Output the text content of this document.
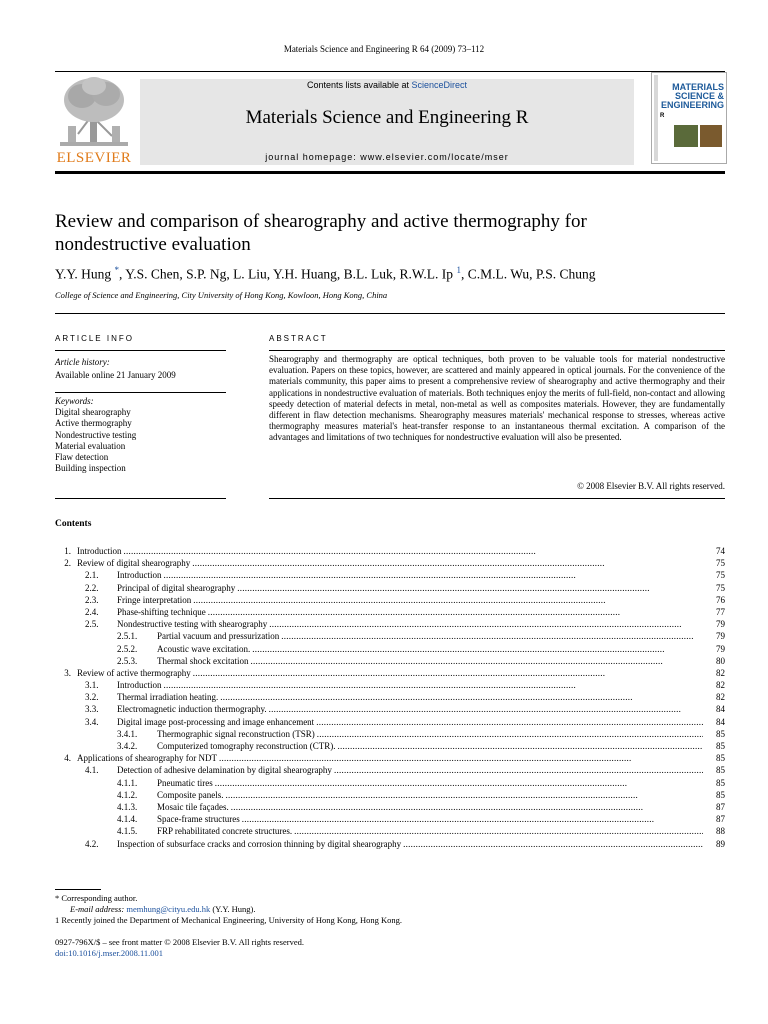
Materials Science and Engineering R 64 (2009) 73–112
Contents lists available at ScienceDirect
Materials Science and Engineering R
journal homepage: www.elsevier.com/locate/mser
ELSEVIER
MATERIALS SCIENCE & ENGINEERING
R
Review and comparison of shearography and active thermography for nondestructive evaluation
Y.Y. Hung *, Y.S. Chen, S.P. Ng, L. Liu, Y.H. Huang, B.L. Luk, R.W.L. Ip $^1$, C.M.L. Wu, P.S. Chung
College of Science and Engineering, City University of Hong Kong, Kowloon, Hong Kong, China
ARTICLE INFO
Article history:
Available online 21 January 2009
Keywords:
Digital shearography
Active thermography
Nondestructive testing
Material evaluation
Flaw detection
Building inspection
ABSTRACT
Shearography and thermography are optical techniques, both proven to be valuable tools for material nondestructive evaluation. Papers on these topics, however, are scattered and mainly appeared in optical journals. For the convenience of the materials community, this paper aims to present a comprehensive review of shearography and active thermography and their applications in nondestructive evaluation of materials. Both techniques enjoy the merits of full-field, non-contact and allowing speedy detection of material defects in metal, non-metal as well as composites materials. However, they are fundamentally different in flaw detection mechanisms. Shearography measures materials' mechanical response to stresses, whereas active thermography measures material's heat-transfer response to an instantaneous thermal excitation. A comparison of the advantages and limitations of two techniques for nondestructive evaluation will also be presented.
© 2008 Elsevier B.V. All rights reserved.
Contents
1. Introduction . . .	74
2. Review of digital shearography . . .	75
2.1.	Introduction . . .	75
2.2.	Principal of digital shearography . . .	75
2.3.	Fringe interpretation . . .	76
2.4.	Phase-shifting technique . . .	77
2.5.	Nondestructive testing with shearography . . .	79
2.5.1.	Partial vacuum and pressurization . . .	79
2.5.2.	Acoustic wave excitation. . . .	79
2.5.3.	Thermal shock excitation . . .	80
3. Review of active thermography . . .	82
3.1.	Introduction . . .	82
3.2.	Thermal irradiation heating. . . .	82
3.3.	Electromagnetic induction thermography. . . .	84
3.4.	Digital image post-processing and image enhancement . . .	84
3.4.1.	Thermographic signal reconstruction (TSR) . . .	85
3.4.2.	Computerized tomography reconstruction (CTR). . . .	85
4. Applications of shearography for NDT . . .	85
4.1.	Detection of adhesive delamination by digital shearography . . .	85
4.1.1.	Pneumatic tires . . .	85
4.1.2.	Composite panels. . . .	85
4.1.3.	Mosaic tile façades. . . .	87
4.1.4.	Space-frame structures . . .	87
4.1.5.	FRP rehabilitated concrete structures. . . .	88
4.2.	Inspection of subsurface cracks and corrosion thinning by digital shearography . . .	89
* Corresponding author.
E-mail address: memhung@cityu.edu.hk (Y.Y. Hung).
1 Recently joined the Department of Mechanical Engineering, University of Hong Kong, Hong Kong.
0927-796X/$ – see front matter © 2008 Elsevier B.V. All rights reserved.
doi:10.1016/j.mser.2008.11.001
